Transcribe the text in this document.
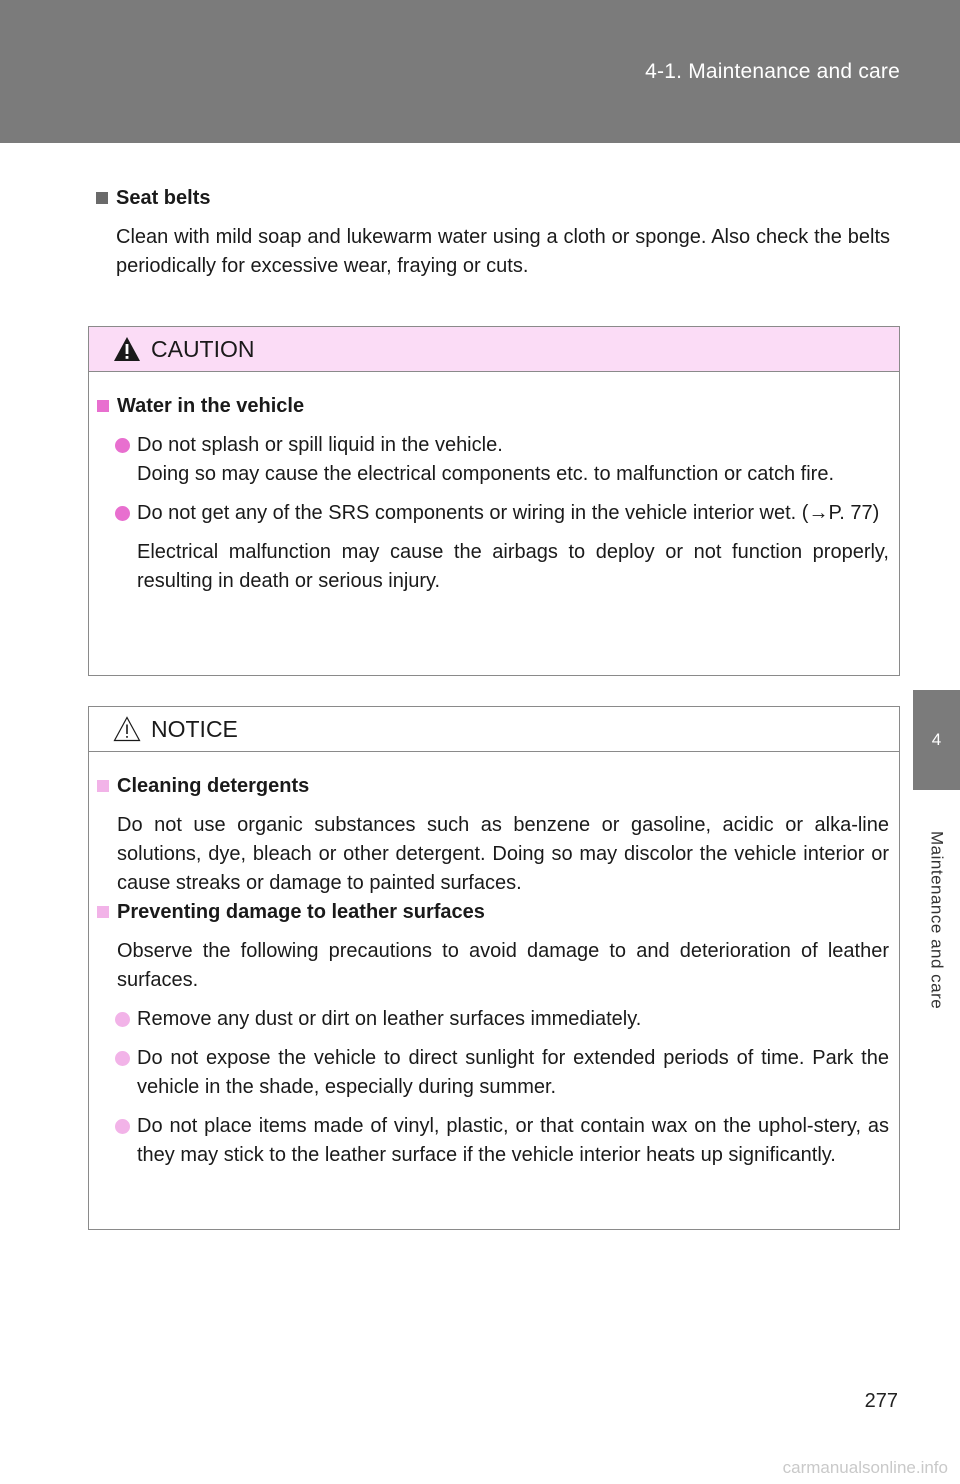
4-1. Maintenance and care
4
Maintenance and care
Seat belts
Clean with mild soap and lukewarm water using a cloth or sponge. Also check the belts periodically for excessive wear, fraying or cuts.
CAUTION
Water in the vehicle
Do not splash or spill liquid in the vehicle.
Doing so may cause the electrical components etc. to malfunction or catch fire.
Do not get any of the SRS components or wiring in the vehicle interior wet. (→P. 77)
Electrical malfunction may cause the airbags to deploy or not function properly, resulting in death or serious injury.
NOTICE
Cleaning detergents
Do not use organic substances such as benzene or gasoline, acidic or alka-line solutions, dye, bleach or other detergent. Doing so may discolor the vehicle interior or cause streaks or damage to painted surfaces.
Preventing damage to leather surfaces
Observe the following precautions to avoid damage to and deterioration of leather surfaces.
Remove any dust or dirt on leather surfaces immediately.
Do not expose the vehicle to direct sunlight for extended periods of time. Park the vehicle in the shade, especially during summer.
Do not place items made of vinyl, plastic, or that contain wax on the uphol-stery, as they may stick to the leather surface if the vehicle interior heats up significantly.
277
carmanualsonline.info
